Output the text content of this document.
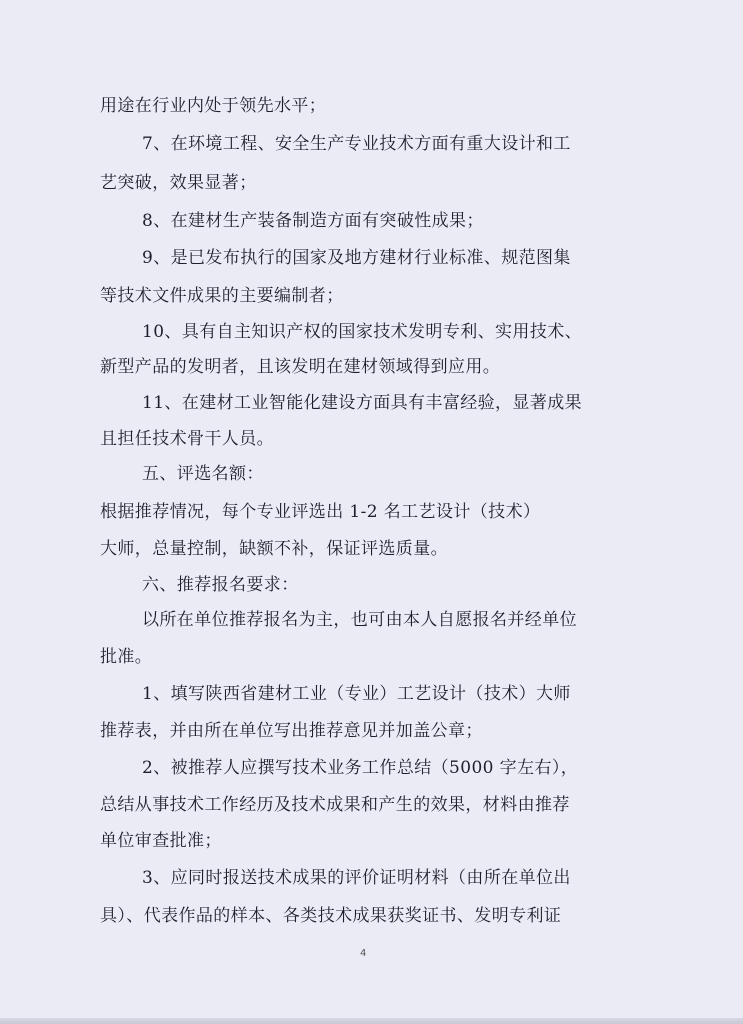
用途在行业内处于领先水平；
7、在环境工程、安全生产专业技术方面有重大设计和工
艺突破，效果显著；
8、在建材生产装备制造方面有突破性成果；
9、是已发布执行的国家及地方建材行业标准、规范图集
等技术文件成果的主要编制者；
10、具有自主知识产权的国家技术发明专利、实用技术、
新型产品的发明者，且该发明在建材领域得到应用。
11、在建材工业智能化建设方面具有丰富经验，显著成果
且担任技术骨干人员。
五、评选名额：
根据推荐情况，每个专业评选出 1-2 名工艺设计（技术）
大师，总量控制，缺额不补，保证评选质量。
六、推荐报名要求：
以所在单位推荐报名为主，也可由本人自愿报名并经单位
批准。
1、填写陕西省建材工业（专业）工艺设计（技术）大师
推荐表，并由所在单位写出推荐意见并加盖公章；
2、被推荐人应撰写技术业务工作总结（5000 字左右），
总结从事技术工作经历及技术成果和产生的效果，材料由推荐
单位审查批准；
3、应同时报送技术成果的评价证明材料（由所在单位出
具）、代表作品的样本、各类技术成果获奖证书、发明专利证
4
